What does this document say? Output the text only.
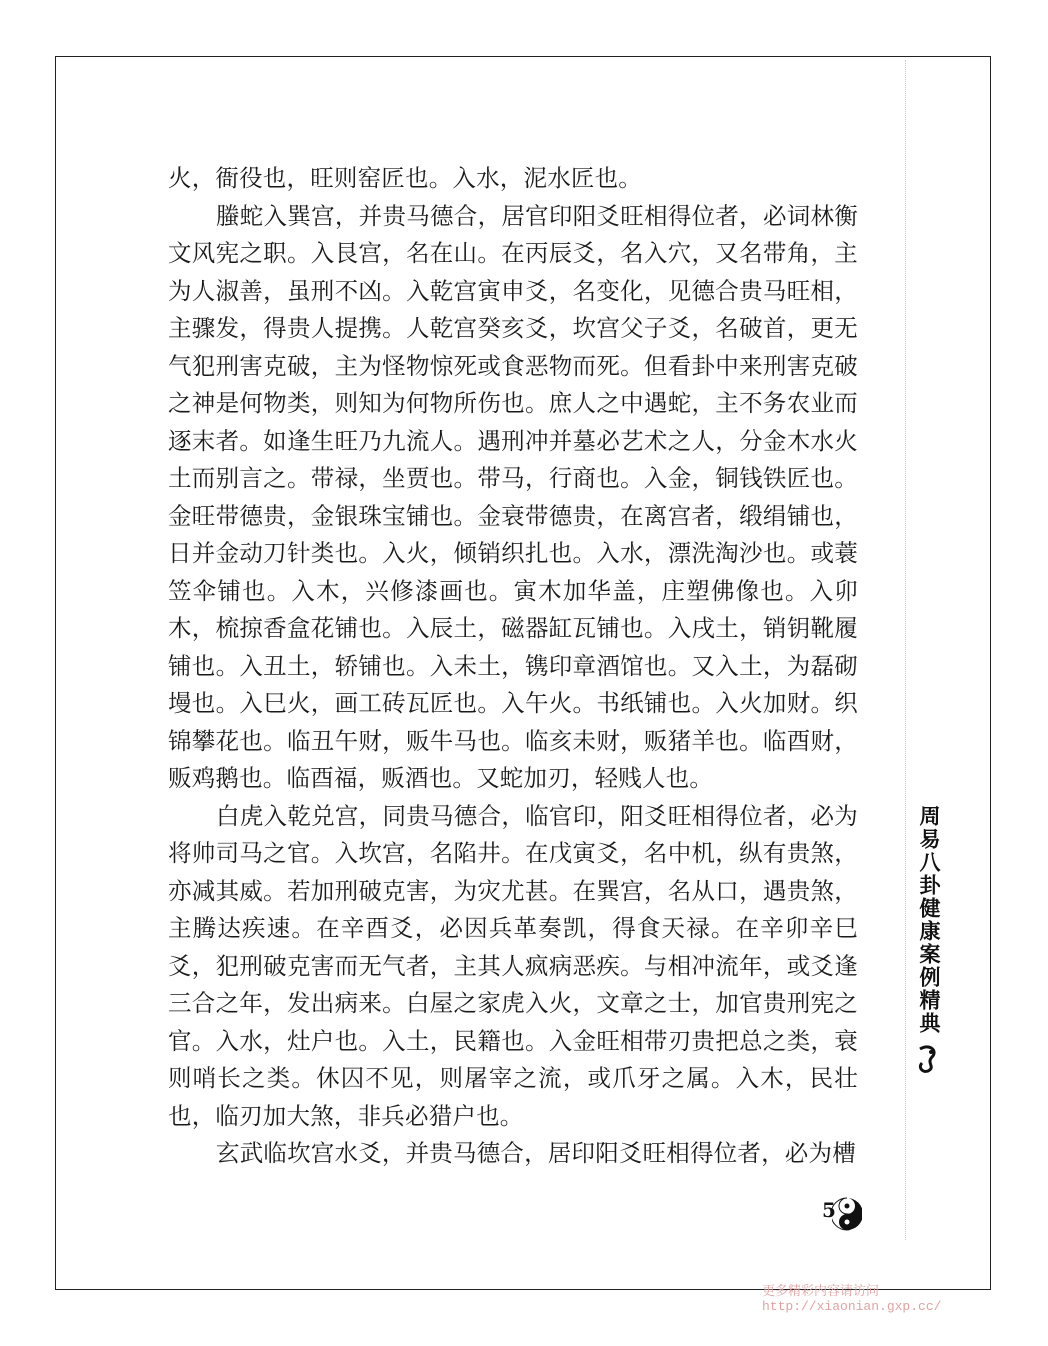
火，衙役也，旺则窑匠也。入水，泥水匠也。

螣蛇入巽宫，并贵马德合，居官印阳爻旺相得位者，必词林衡文风宪之职。入艮宫，名在山。在丙辰爻，名入穴，又名带角，主为人淑善，虽刑不凶。入乾宫寅申爻，名变化，见德合贵马旺相，主骤发，得贵人提携。人乾宫癸亥爻，坎宫父子爻，名破首，更无气犯刑害克破，主为怪物惊死或食恶物而死。但看卦中来刑害克破之神是何物类，则知为何物所伤也。庶人之中遇蛇，主不务农业而逐末者。如逢生旺乃九流人。遇刑冲并墓必艺术之人，分金木水火土而别言之。带禄，坐贾也。带马，行商也。入金，铜钱铁匠也。金旺带德贵，金银珠宝铺也。金衰带德贵，在离宫者，缎绢铺也，日并金动刀针类也。入火，倾销织扎也。入水，漂洗淘沙也。或蓑笠伞铺也。入木，兴修漆画也。寅木加华盖，庄塑佛像也。入卯木，梳掠香盒花铺也。入辰土，磁器缸瓦铺也。入戌土，销钥靴履铺也。入丑土，轿铺也。入未土，镌印章酒馆也。又入土，为磊砌墁也。入巳火，画工砖瓦匠也。入午火。书纸铺也。入火加财。织锦攀花也。临丑午财，贩牛马也。临亥未财，贩猪羊也。临酉财，贩鸡鹅也。临酉福，贩酒也。又蛇加刃，轻贱人也。

白虎入乾兑宫，同贵马德合，临官印，阳爻旺相得位者，必为将帅司马之官。入坎宫，名陷井。在戊寅爻，名中机，纵有贵煞，亦减其威。若加刑破克害，为灾尤甚。在巽宫，名从口，遇贵煞，主腾达疾速。在辛酉爻，必因兵革奏凯，得食天禄。在辛卯辛巳爻，犯刑破克害而无气者，主其人疯病恶疾。与相冲流年，或爻逢三合之年，发出病来。白屋之家虎入火，文章之士，加官贵刑宪之官。入水，灶户也。入土，民籍也。入金旺相带刃贵把总之类，衰则哨长之类。休囚不见，则屠宰之流，或爪牙之属。入木，民壮也，临刃加大煞，非兵必猎户也。

玄武临坎宫水爻，并贵马德合，居印阳爻旺相得位者，必为槽

周易八卦健康案例精典
5
更多精彩内容请访问
http://xiaonian.gxp.cc/
